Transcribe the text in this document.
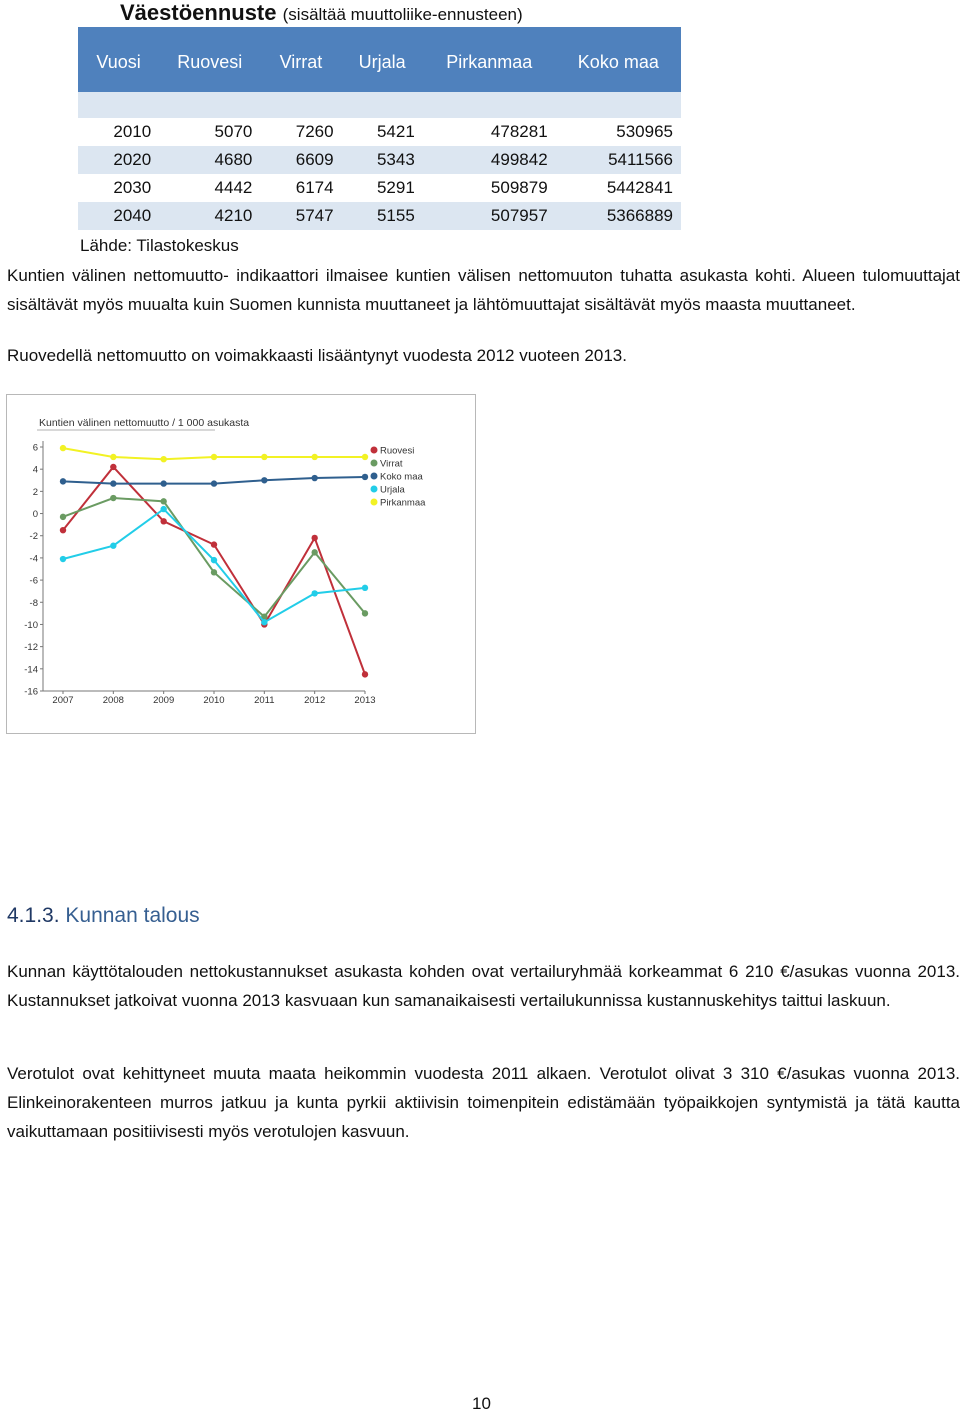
Väestöennuste (sisältää muuttoliike-ennusteen)
Vuosi	Ruovesi	Virrat	Urjala	Pirkanmaa	Koko maa

2010	5070	7260	5421	478281	530965
2020	4680	6609	5343	499842	5411566
2030	4442	6174	5291	509879	5442841
2040	4210	5747	5155	507957	5366889
Lähde: Tilastokeskus
Kuntien välinen nettomuutto- indikaattori ilmaisee kuntien välisen nettomuuton tuhatta asukasta kohti. Alueen tulomuuttajat sisältävät myös muualta kuin Suomen kunnista muuttaneet ja lähtömuuttajat sisältävät myös maasta muuttaneet.
Ruovedellä nettomuutto on voimakkaasti lisääntynyt vuodesta 2012 vuoteen 2013.
Kuntien välinen nettomuutto / 1 000 asukasta
6
4
2
0
-2
-4
-6
-8
-10
-12
-14
-16
2007	2008	2009	2010	2011	2012	2013
Ruovesi
Virrat
Koko maa
Urjala
Pirkanmaa
4.1.3. Kunnan talous
Kunnan käyttötalouden nettokustannukset asukasta kohden ovat vertailuryhmää korkeammat 6 210 €/asukas vuonna 2013. Kustannukset jatkoivat vuonna 2013 kasvuaan kun samanaikaisesti vertailukunnissa kustannuskehitys taittui laskuun.
Verotulot ovat kehittyneet muuta maata heikommin vuodesta 2011 alkaen. Verotulot olivat 3 310 €/asukas vuonna 2013. Elinkeinorakenteen murros jatkuu ja kunta pyrkii aktiivisin toimenpitein edistämään työpaikkojen syntymistä ja tätä kautta vaikuttamaan positiivisesti myös verotulojen kasvuun.
10
